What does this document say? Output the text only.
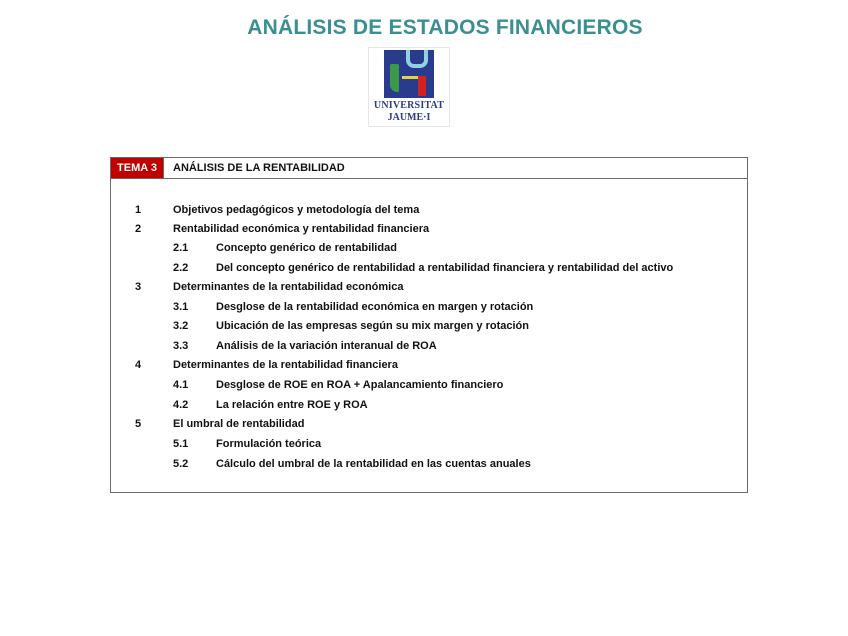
ANÁLISIS DE ESTADOS FINANCIEROS
UNIVERSITAT
JAUME·I
TEMA 3	ANÁLISIS DE LA RENTABILIDAD
1	Objetivos pedagógicos y metodología del tema
2	Rentabilidad económica y rentabilidad financiera
2.1	Concepto genérico de rentabilidad
2.2	Del concepto genérico de rentabilidad a rentabilidad financiera y rentabilidad del activo
3	Determinantes de la rentabilidad económica
3.1	Desglose de la rentabilidad económica en margen y rotación
3.2	Ubicación de las empresas según su mix margen y rotación
3.3	Análisis de la variación interanual de ROA
4	Determinantes de la rentabilidad financiera
4.1	Desglose de ROE en ROA + Apalancamiento financiero
4.2	La relación entre ROE y ROA
5	El umbral de rentabilidad
5.1	Formulación teórica
5.2	Cálculo del umbral de la rentabilidad en las cuentas anuales
